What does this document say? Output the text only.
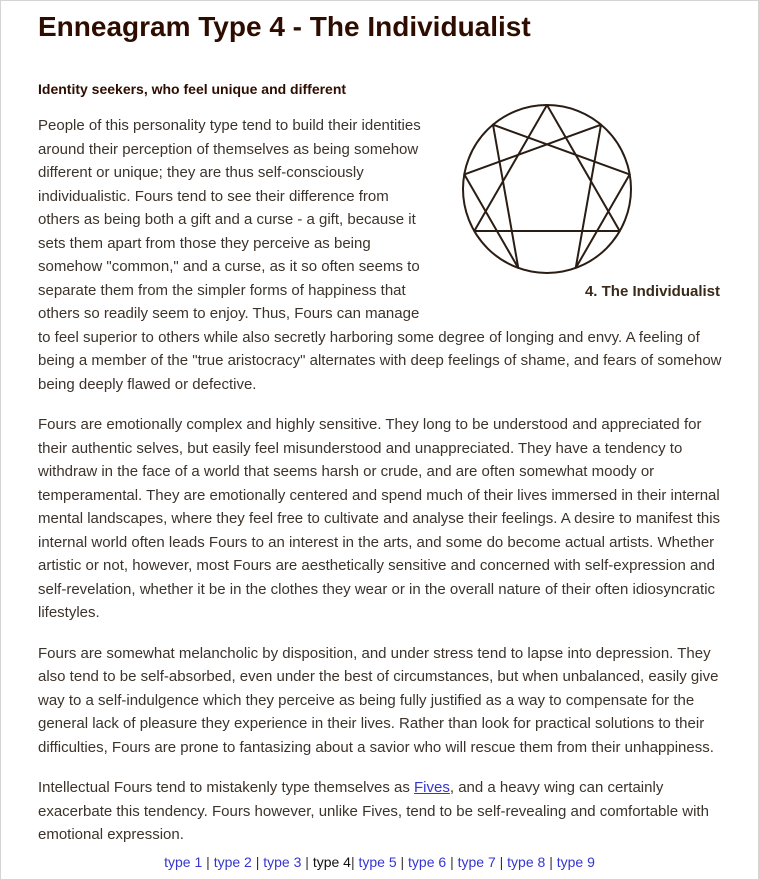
Enneagram Type 4 - The Individualist
Identity seekers, who feel unique and different
4. The Individualist

People of this personality type tend to build their identities around their perception of themselves as being somehow different or unique; they are thus self-consciously individualistic. Fours tend to see their difference from others as being both a gift and a curse - a gift, because it sets them apart from those they perceive as being somehow "common," and a curse, as it so often seems to separate them from the simpler forms of happiness that others so readily seem to enjoy. Thus, Fours can manage to feel superior to others while also secretly harboring some degree of longing and envy. A feeling of being a member of the "true aristocracy" alternates with deep feelings of shame, and fears of somehow being deeply flawed or defective.

Fours are emotionally complex and highly sensitive. They long to be understood and appreciated for their authentic selves, but easily feel misunderstood and unappreciated. They have a tendency to withdraw in the face of a world that seems harsh or crude, and are often somewhat moody or temperamental. They are emotionally centered and spend much of their lives immersed in their internal mental landscapes, where they feel free to cultivate and analyse their feelings. A desire to manifest this internal world often leads Fours to an interest in the arts, and some do become actual artists. Whether artistic or not, however, most Fours are aesthetically sensitive and concerned with self-expression and self-revelation, whether it be in the clothes they wear or in the overall nature of their often idiosyncratic lifestyles.

Fours are somewhat melancholic by disposition, and under stress tend to lapse into depression. They also tend to be self-absorbed, even under the best of circumstances, but when unbalanced, easily give way to a self-indulgence which they perceive as being fully justified as a way to compensate for the general lack of pleasure they experience in their lives. Rather than look for practical solutions to their difficulties, Fours are prone to fantasizing about a savior who will rescue them from their unhappiness.

Intellectual Fours tend to mistakenly type themselves as Fives, and a heavy wing can certainly exacerbate this tendency. Fours however, unlike Fives, tend to be self-revealing and comfortable with emotional expression.

type 1 | type 2 | type 3 | type 4| type 5 | type 6 | type 7 | type 8 | type 9
